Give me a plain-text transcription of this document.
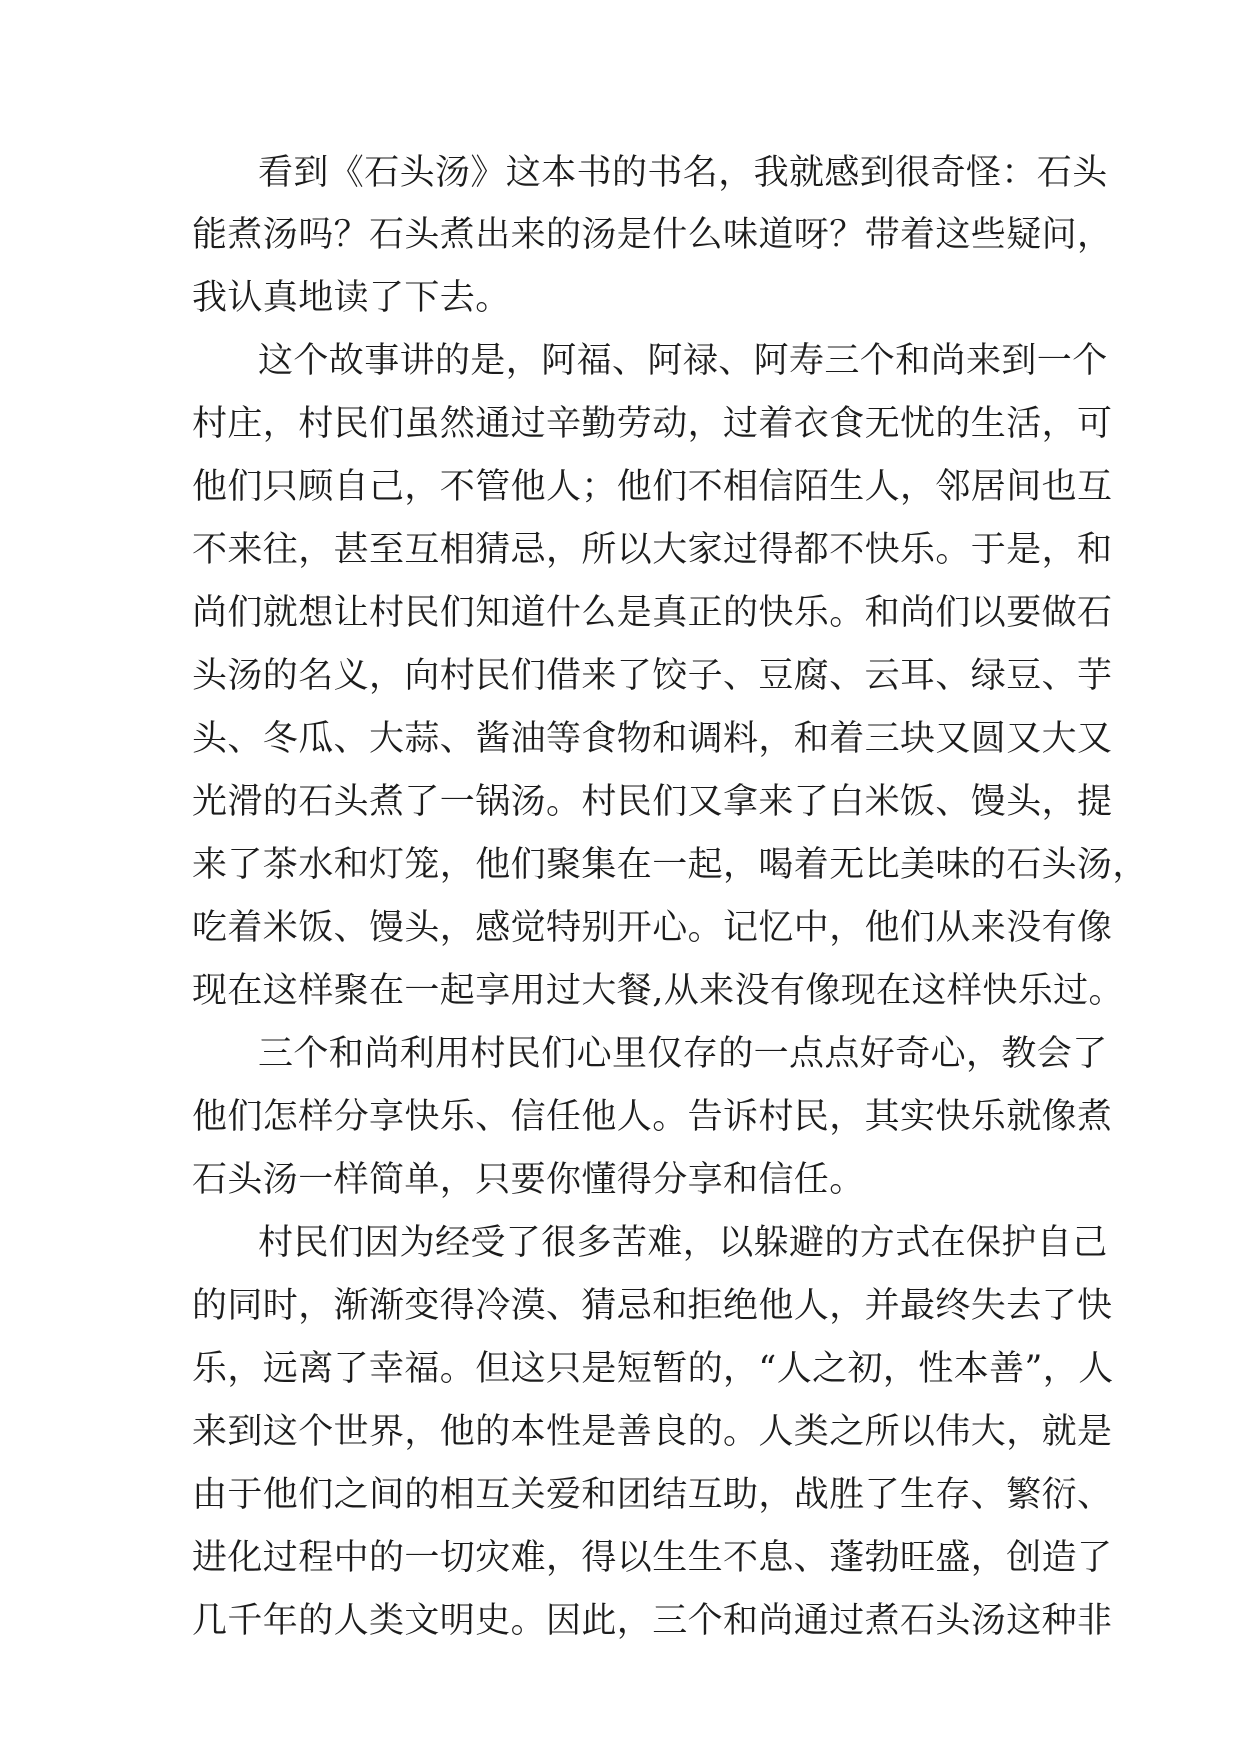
看到《石头汤》这本书的书名，我就感到很奇怪：石头
能煮汤吗？石头煮出来的汤是什么味道呀？带着这些疑问，
我认真地读了下去。
这个故事讲的是，阿福、阿禄、阿寿三个和尚来到一个
村庄，村民们虽然通过辛勤劳动，过着衣食无忧的生活，可
他们只顾自己，不管他人；他们不相信陌生人，邻居间也互
不来往，甚至互相猜忌，所以大家过得都不快乐。于是，和
尚们就想让村民们知道什么是真正的快乐。和尚们以要做石
头汤的名义，向村民们借来了饺子、豆腐、云耳、绿豆、芋
头、冬瓜、大蒜、酱油等食物和调料，和着三块又圆又大又
光滑的石头煮了一锅汤。村民们又拿来了白米饭、馒头，提
来了茶水和灯笼，他们聚集在一起，喝着无比美味的石头汤，
吃着米饭、馒头，感觉特别开心。记忆中，他们从来没有像
现在这样聚在一起享用过大餐,从来没有像现在这样快乐过。
三个和尚利用村民们心里仅存的一点点好奇心，教会了
他们怎样分享快乐、信任他人。告诉村民，其实快乐就像煮
石头汤一样简单，只要你懂得分享和信任。
村民们因为经受了很多苦难，以躲避的方式在保护自己
的同时，渐渐变得冷漠、猜忌和拒绝他人，并最终失去了快
乐，远离了幸福。但这只是短暂的，“人之初，性本善”，人
来到这个世界，他的本性是善良的。人类之所以伟大，就是
由于他们之间的相互关爱和团结互助，战胜了生存、繁衍、
进化过程中的一切灾难，得以生生不息、蓬勃旺盛，创造了
几千年的人类文明史。因此，三个和尚通过煮石头汤这种非
